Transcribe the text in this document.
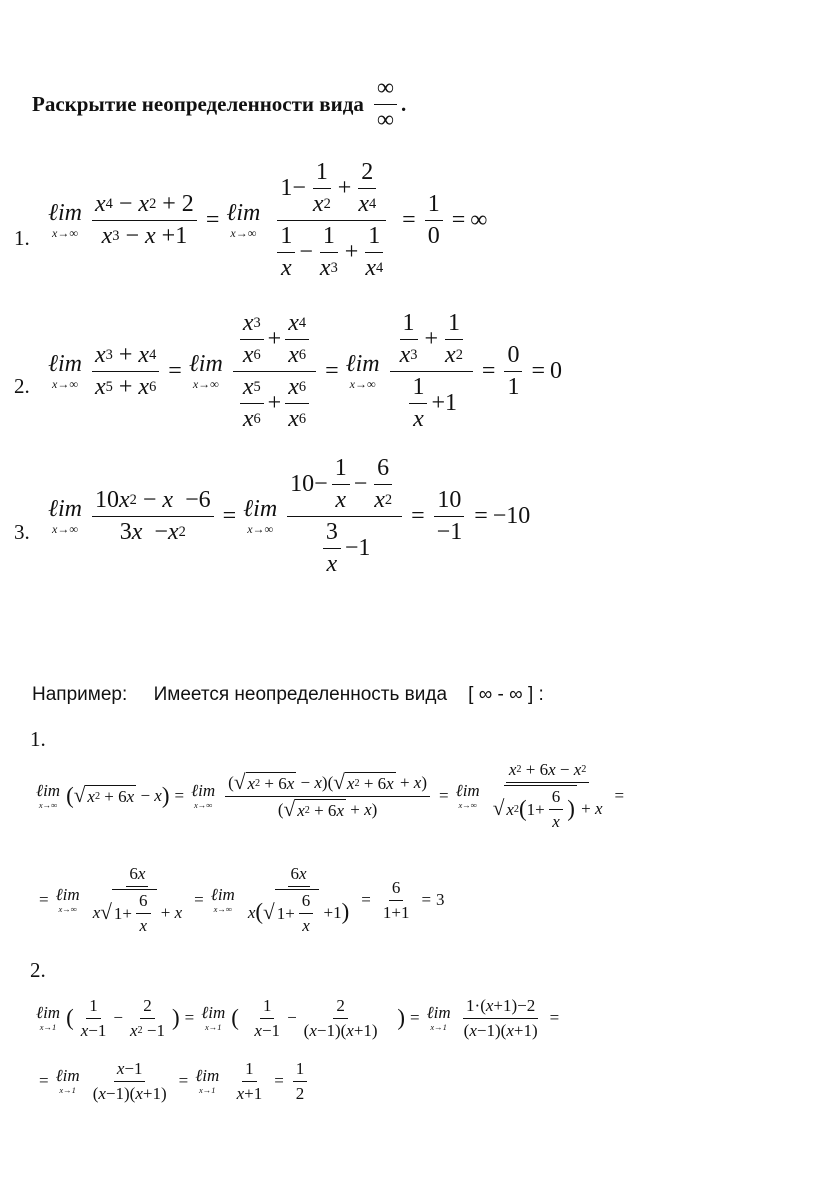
Раскрытие неопределенности вида $\frac{\infty}{\infty}$ .
1.
ℓim
$x\to\infty \frac{x 4 - x 2 + 2}{x 3 - x +1}$ = ℓim
$x\to\infty \frac{1- \frac{1}{x 2} + \frac{2}{x 4}}{\frac{1}{x} - \frac{1}{x 3} + \frac{1}{x 4}} = \frac{1}{0}$ = ∞
2.
ℓim
$x\to\infty \frac{x 3 + x 4}{x 5 + x 6}$ = ℓim
$x\to\infty \frac{\frac{x 3}{x 6} + \frac{x 4}{x 6}}{\frac{x 5}{x 6} + \frac{x 6}{x 6}}$ = ℓim
$x\to\infty \frac{\frac{1}{x 3} + \frac{1}{x 2}}{\frac{1}{x} +1} = \frac{0}{1} = 0$
3.
ℓim
$x\to\infty \frac{10 x 2 - x -6}{3 x - x 2}$ = ℓim
$x\to\infty \frac{10- \frac{1}{x} - \frac{6}{x 2}}{\frac{3}{x} -1} = \frac{10}{-1} = -10$
Например: Имеется неопределенность вида [ ∞ - ∞ ] :
1.
ℓim
x→∞ ( √ x 2 + 6 x − x ) = ℓim
$x\to\infty \frac{( √ x 2 + 6 x - x )( √ x 2 + 6 x + x )}{( √ x 2 + 6 x + x )}$ = ℓim
$x\to\infty \frac{x 2 + 6 x - x 2}{√ x 2 ( 1+ \frac{6}{x} ) + x}$ =
= ℓim
$x\to\infty \frac{6 x}{x √ 1+ \frac{6}{x} + x}$ = ℓim
$x\to\infty \frac{6 x}{x ( √ 1+ \frac{6}{x} +1 )} = \frac{6}{1+1} = 3$
2.
ℓim
x→1 ( $\frac{1}{x -1} - \frac{2}{x 2 -1}$ ) = ℓim
x→1 (
$\frac{1}{x -1} - \frac{2}{( x -1)( x +1)}$
) = ℓim
$x\to 1 \frac{1\cdot( x +1)-2}{( x -1)( x +1)}$ =
= ℓim
$x\to 1 \frac{x -1}{( x -1)( x +1)}$ = ℓim
x→1
$\frac{1}{x +1} = \frac{1}{2}$
